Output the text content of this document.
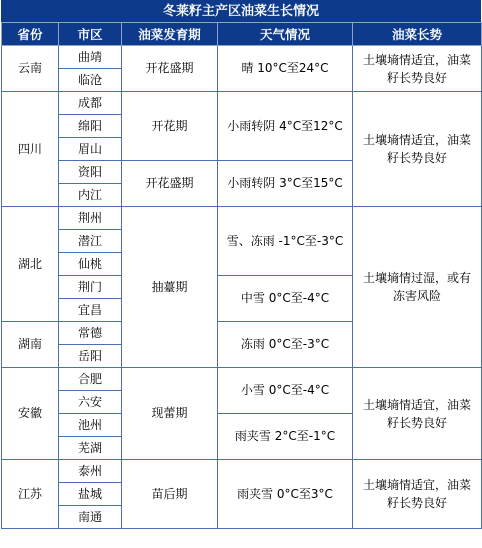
冬莱籽主产区油菜生长情况
省份	市区	油菜发育期	天气情况	油菜长势
云南	曲靖	开花盛期	晴 10°C至24°C	土壤墒情适宜，油菜籽长势良好
	临沧			
四川	成都	开花期	小雨转阴 4°C至12°C	土壤墒情适宜，油菜籽长势良好
	绵阳			
	眉山			
	资阳	开花盛期	小雨转阴 3°C至15°C	
	内江			
湖北	荆州	抽薹期	雪、冻雨 -1°C至-3°C	土壤墒情过湿，或有冻害风险
	潜江			
	仙桃			
	荆门		中雪 0°C至-4°C	
	宜昌			
湖南	常德		冻雨 0°C至-3°C	
	岳阳			
安徽	合肥	现蕾期	小雪 0°C至-4°C	土壤墒情适宜，油菜籽长势良好
	六安			
	池州		雨夹雪 2°C至-1°C	
	芜湖			
江苏	泰州	苗后期	雨夹雪 0°C至3°C	土壤墒情适宜，油菜籽长势良好
	盐城			
	南通			
